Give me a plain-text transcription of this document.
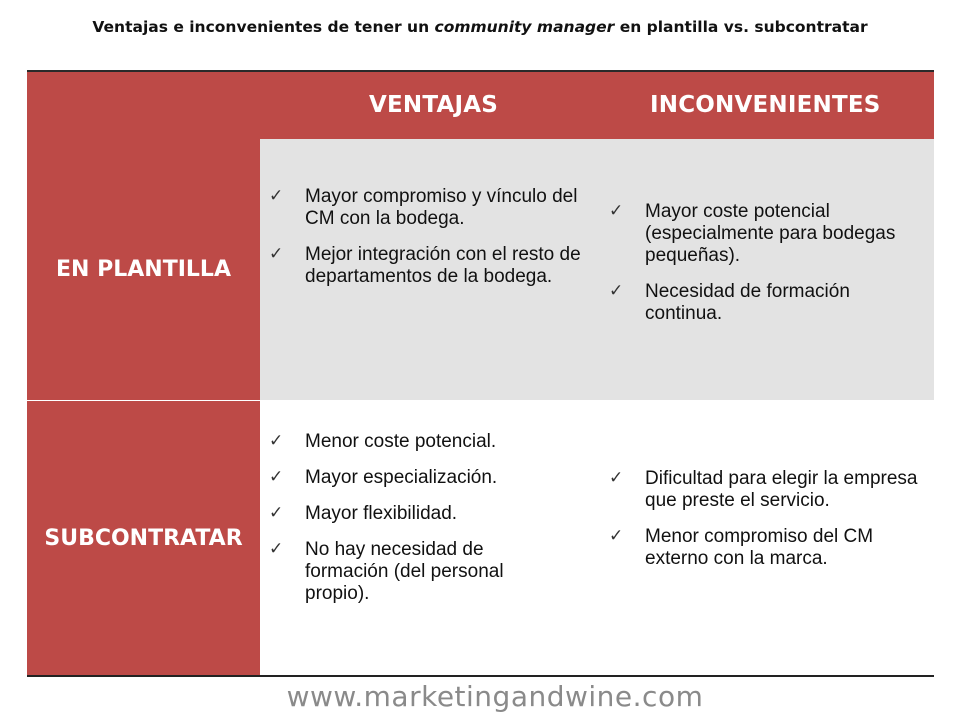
Ventajas e inconvenientes de tener un community manager en plantilla vs. subcontratar
VENTAJAS	INCONVENIENTES
EN PLANTILLA
✓ Mayor compromiso y vínculo del CM con la bodega.
✓ Mejor integración con el resto de departamentos de la bodega.
✓ Mayor coste potencial (especialmente para bodegas pequeñas).
✓ Necesidad de formación continua.
SUBCONTRATAR
✓ Menor coste potencial.
✓ Mayor especialización.
✓ Mayor flexibilidad.
✓ No hay necesidad de formación (del personal propio).
✓ Dificultad para elegir la empresa que preste el servicio.
✓ Menor compromiso del CM externo con la marca.
www.marketingandwine.com
